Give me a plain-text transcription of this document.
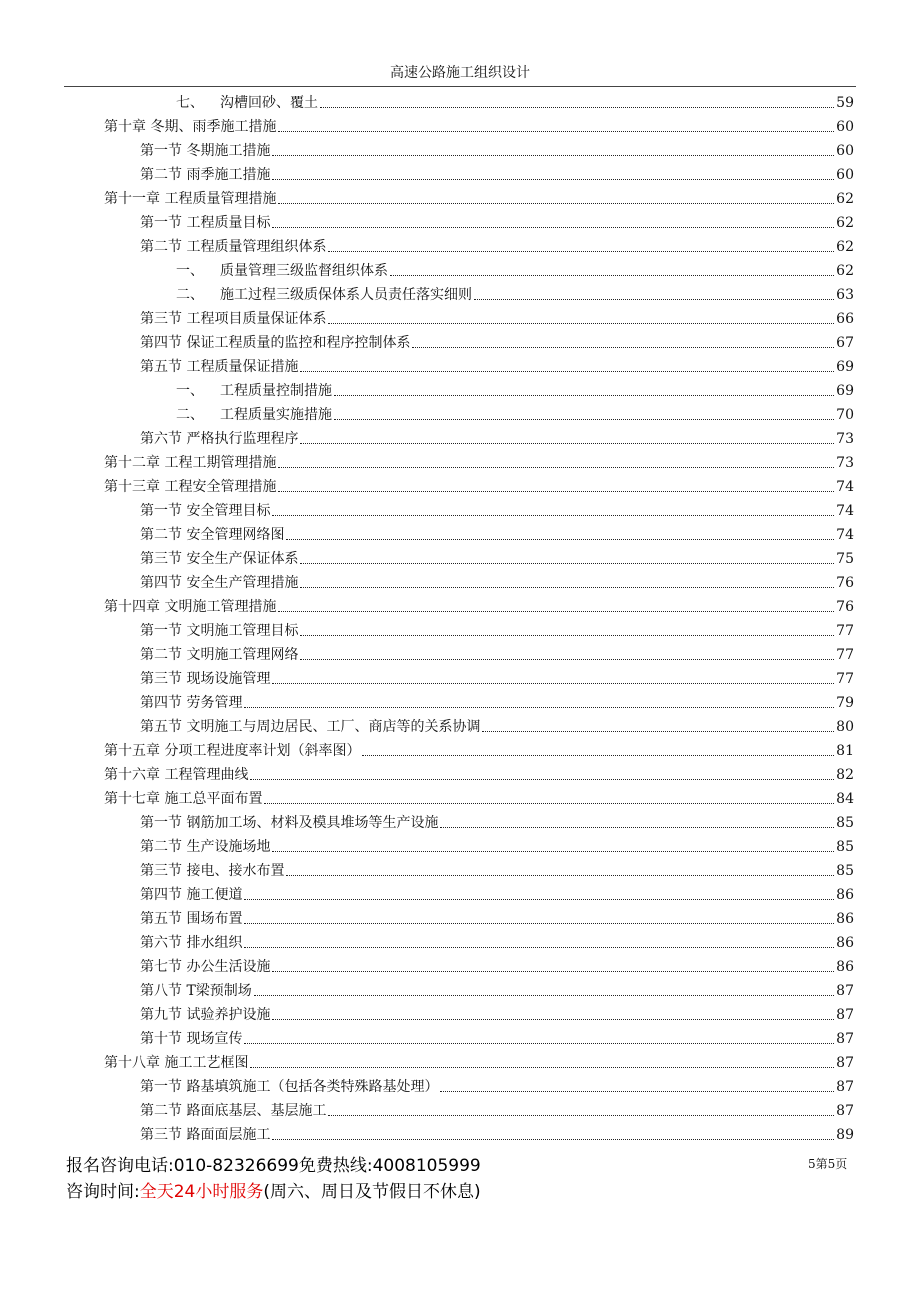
高速公路施工组织设计
七、 沟槽回砂、覆土	59
第十章 冬期、雨季施工措施	60
第一节 冬期施工措施	60
第二节 雨季施工措施	60
第十一章 工程质量管理措施	62
第一节 工程质量目标	62
第二节 工程质量管理组织体系	62
一、 质量管理三级监督组织体系	62
二、 施工过程三级质保体系人员责任落实细则	63
第三节 工程项目质量保证体系	66
第四节 保证工程质量的监控和程序控制体系	67
第五节 工程质量保证措施	69
一、 工程质量控制措施	69
二、 工程质量实施措施	70
第六节 严格执行监理程序	73
第十二章 工程工期管理措施	73
第十三章 工程安全管理措施	74
第一节 安全管理目标	74
第二节 安全管理网络图	74
第三节 安全生产保证体系	75
第四节 安全生产管理措施	76
第十四章 文明施工管理措施	76
第一节 文明施工管理目标	77
第二节 文明施工管理网络	77
第三节 现场设施管理	77
第四节 劳务管理	79
第五节 文明施工与周边居民、工厂、商店等的关系协调	80
第十五章 分项工程进度率计划（斜率图）	81
第十六章 工程管理曲线	82
第十七章 施工总平面布置	84
第一节 钢筋加工场、材料及模具堆场等生产设施	85
第二节 生产设施场地	85
第三节 接电、接水布置	85
第四节 施工便道	86
第五节 围场布置	86
第六节 排水组织	86
第七节 办公生活设施	86
第八节 T梁预制场	87
第九节 试验养护设施	87
第十节 现场宣传	87
第十八章 施工工艺框图	87
第一节 路基填筑施工（包括各类特殊路基处理）	87
第二节 路面底基层、基层施工	87
第三节 路面面层施工	89
报名咨询电话:010-82326699免费热线:4008105999
咨询时间:全天24小时服务(周六、周日及节假日不休息)
5第5页
